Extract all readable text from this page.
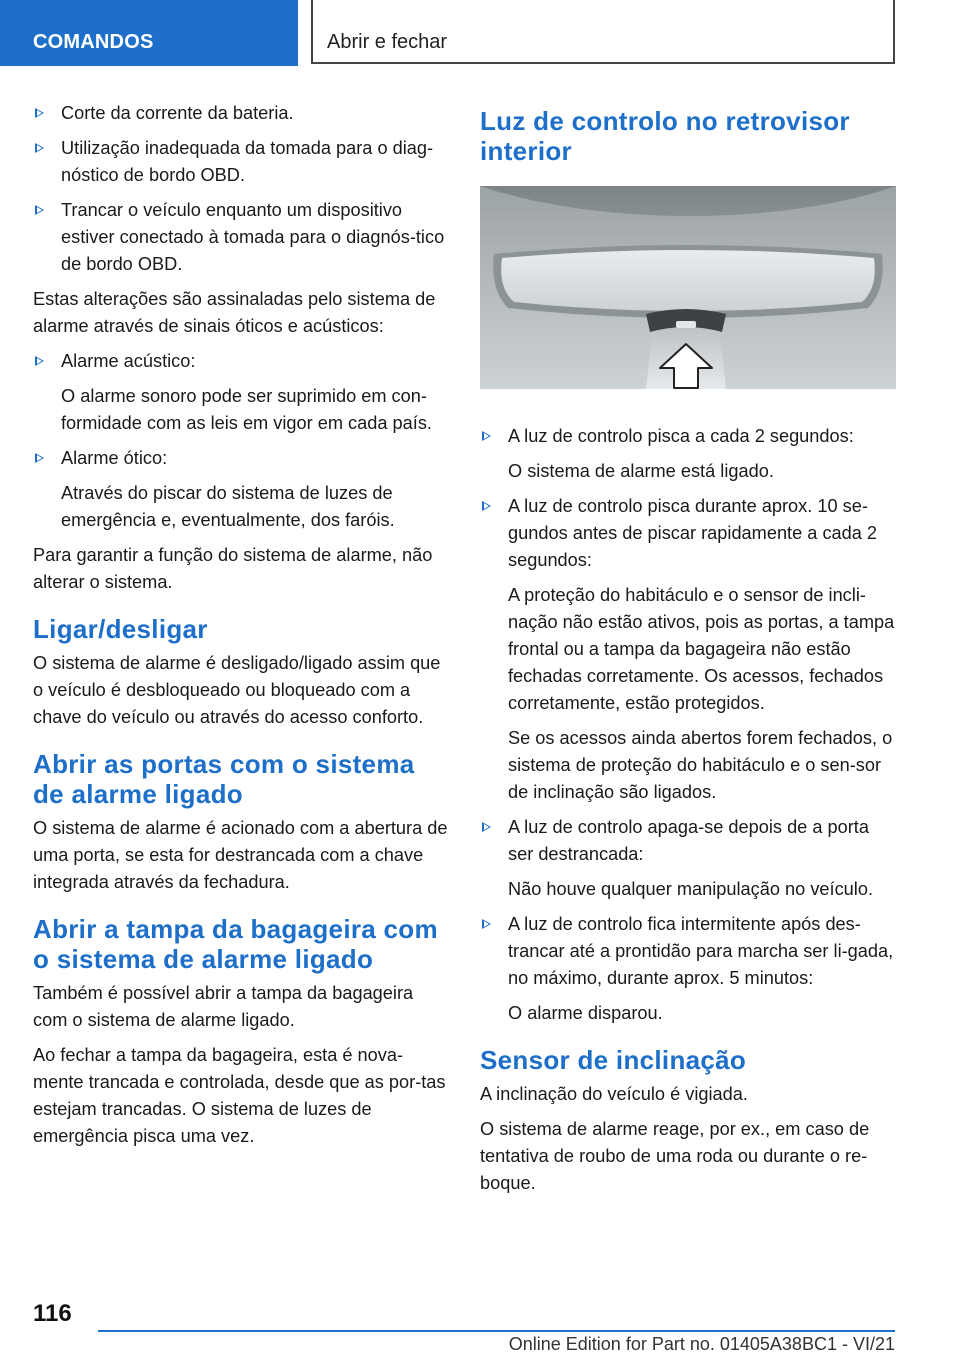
COMANDOS	Abrir e fechar
Corte da corrente da bateria.
Utilização inadequada da tomada para o diag-nóstico de bordo OBD.
Trancar o veículo enquanto um dispositivo estiver conectado à tomada para o diagnós-tico de bordo OBD.

Estas alterações são assinaladas pelo sistema de alarme através de sinais óticos e acústicos:

Alarme acústico:
O alarme sonoro pode ser suprimido em con-formidade com as leis em vigor em cada país.
Alarme ótico:
Através do piscar do sistema de luzes de emergência e, eventualmente, dos faróis.

Para garantir a função do sistema de alarme, não alterar o sistema.

Ligar/desligar

O sistema de alarme é desligado/ligado assim que o veículo é desbloqueado ou bloqueado com a chave do veículo ou através do acesso conforto.

Abrir as portas com o sistema de alarme ligado

O sistema de alarme é acionado com a abertura de uma porta, se esta for destrancada com a chave integrada através da fechadura.

Abrir a tampa da bagageira com o sistema de alarme ligado

Também é possível abrir a tampa da bagageira com o sistema de alarme ligado.

Ao fechar a tampa da bagageira, esta é nova-mente trancada e controlada, desde que as por-tas estejam trancadas. O sistema de luzes de emergência pisca uma vez.

Luz de controlo no retrovisor interior
A luz de controlo pisca a cada 2 segundos:
O sistema de alarme está ligado.
A luz de controlo pisca durante aprox. 10 se-gundos antes de piscar rapidamente a cada 2 segundos:
A proteção do habitáculo e o sensor de incli-nação não estão ativos, pois as portas, a tampa frontal ou a tampa da bagageira não estão fechadas corretamente. Os acessos, fechados corretamente, estão protegidos.
Se os acessos ainda abertos forem fechados, o sistema de proteção do habitáculo e o sen-sor de inclinação são ligados.
A luz de controlo apaga-se depois de a porta ser destrancada:
Não houve qualquer manipulação no veículo.
A luz de controlo fica intermitente após des-trancar até a prontidão para marcha ser li-gada, no máximo, durante aprox. 5 minutos:
O alarme disparou.
Sensor de inclinação

A inclinação do veículo é vigiada.

O sistema de alarme reage, por ex., em caso de tentativa de roubo de uma roda ou durante o re-boque.

116
Online Edition for Part no. 01405A38BC1 - VI/21
